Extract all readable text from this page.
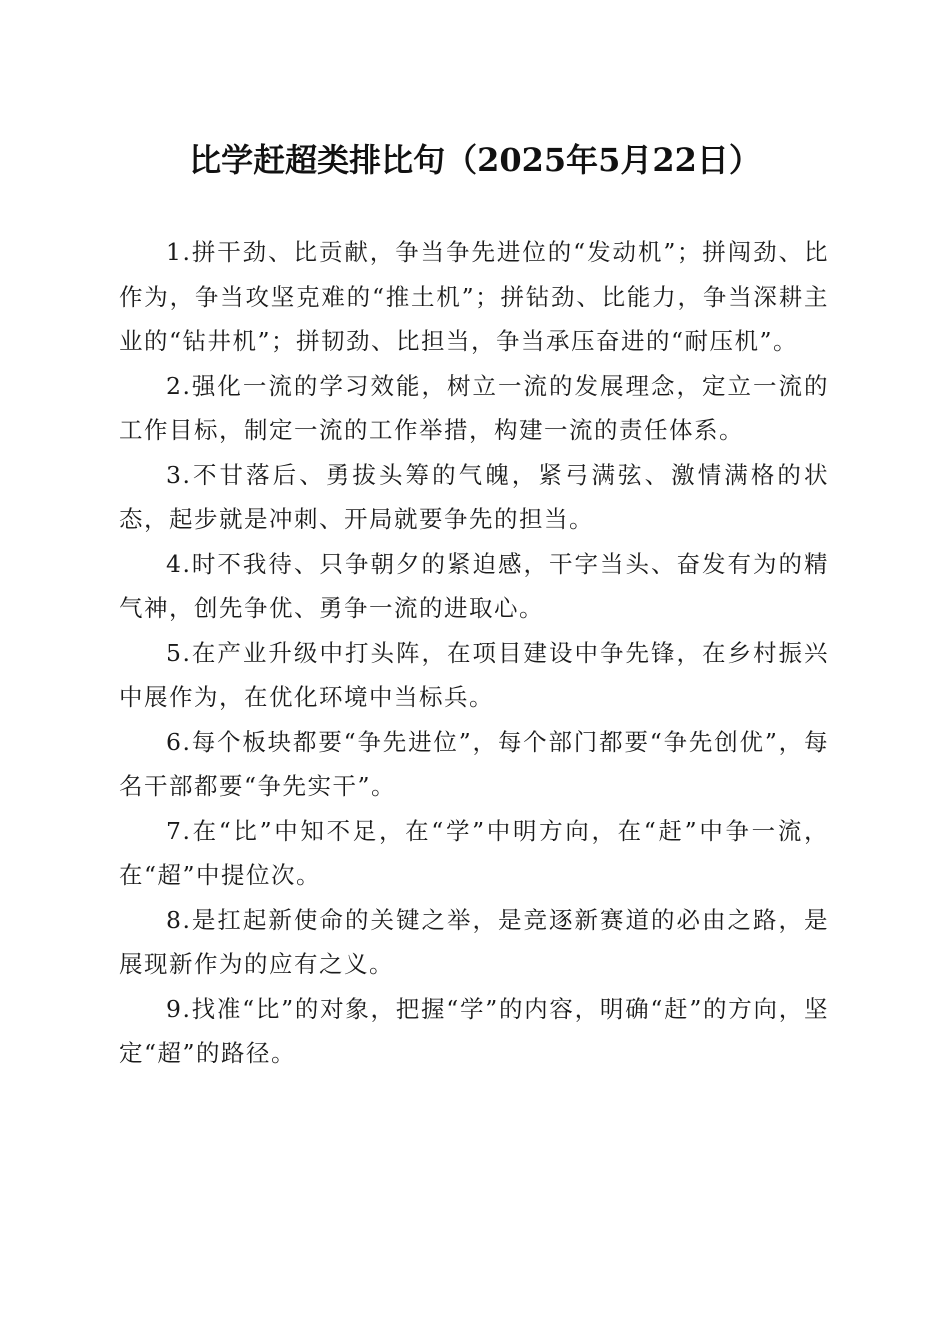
比学赶超类排比句（2025年5月22日）

1.拼干劲、比贡献，争当争先进位的“发动机”；拼闯劲、比作为，争当攻坚克难的“推土机”；拼钻劲、比能力，争当深耕主业的“钻井机”；拼韧劲、比担当，争当承压奋进的“耐压机”。

2.强化一流的学习效能，树立一流的发展理念，定立一流的工作目标，制定一流的工作举措，构建一流的责任体系。

3.不甘落后、勇拔头筹的气魄，紧弓满弦、激情满格的状态，起步就是冲刺、开局就要争先的担当。

4.时不我待、只争朝夕的紧迫感，干字当头、奋发有为的精气神，创先争优、勇争一流的进取心。

5.在产业升级中打头阵，在项目建设中争先锋，在乡村振兴中展作为，在优化环境中当标兵。

6.每个板块都要“争先进位”，每个部门都要“争先创优”，每名干部都要“争先实干”。

7.在“比”中知不足，在“学”中明方向，在“赶”中争一流，在“超”中提位次。

8.是扛起新使命的关键之举，是竞逐新赛道的必由之路，是展现新作为的应有之义。

9.找准“比”的对象，把握“学”的内容，明确“赶”的方向，坚定“超”的路径。
